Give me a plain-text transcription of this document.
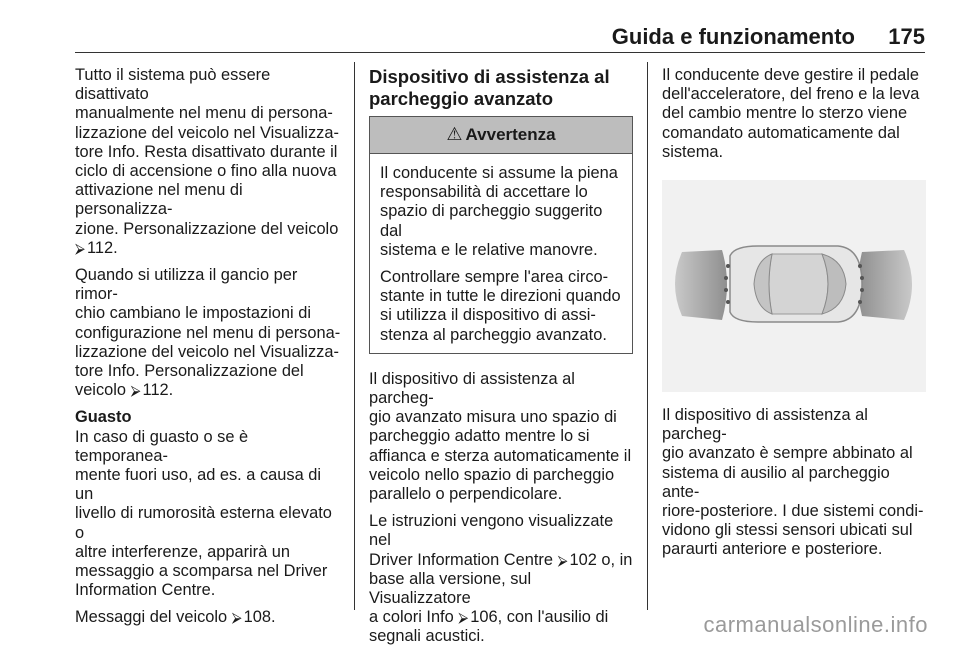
Guida e funzionamento 175

Tutto il sistema può essere disattivato
manualmente nel menu di persona-
lizzazione del veicolo nel Visualizza-
tore Info. Resta disattivato durante il
ciclo di accensione o fino alla nuova
attivazione nel menu di personalizza-
zione. Personalizzazione del veicolo
⮚ 112.

Quando si utilizza il gancio per rimor-
chio cambiano le impostazioni di
configurazione nel menu di persona-
lizzazione del veicolo nel Visualizza-
tore Info. Personalizzazione del
veicolo ⮚ 112.

Guasto

In caso di guasto o se è temporanea-
mente fuori uso, ad es. a causa di un
livello di rumorosità esterna elevato o
altre interferenze, apparirà un
messaggio a scomparsa nel Driver
Information Centre.

Messaggi del veicolo ⮚ 108.

Dispositivo di assistenza al
parcheggio avanzato
⚠ Avvertenza

Il conducente si assume la piena
responsabilità di accettare lo
spazio di parcheggio suggerito dal
sistema e le relative manovre.

Controllare sempre l'area circo-
stante in tutte le direzioni quando
si utilizza il dispositivo di assi-
stenza al parcheggio avanzato.

Il dispositivo di assistenza al parcheg-
gio avanzato misura uno spazio di
parcheggio adatto mentre lo si
affianca e sterza automaticamente il
veicolo nello spazio di parcheggio
parallelo o perpendicolare.

Le istruzioni vengono visualizzate nel
Driver Information Centre ⮚ 102 o, in
base alla versione, sul Visualizzatore
a colori Info ⮚ 106, con l'ausilio di
segnali acustici.

Il conducente deve gestire il pedale
dell'acceleratore, del freno e la leva
del cambio mentre lo sterzo viene
comandato automaticamente dal
sistema.

Il dispositivo di assistenza al parcheg-
gio avanzato è sempre abbinato al
sistema di ausilio al parcheggio ante-
riore-posteriore. I due sistemi condi-
vidono gli stessi sensori ubicati sul
paraurti anteriore e posteriore.

carmanualsonline.info
